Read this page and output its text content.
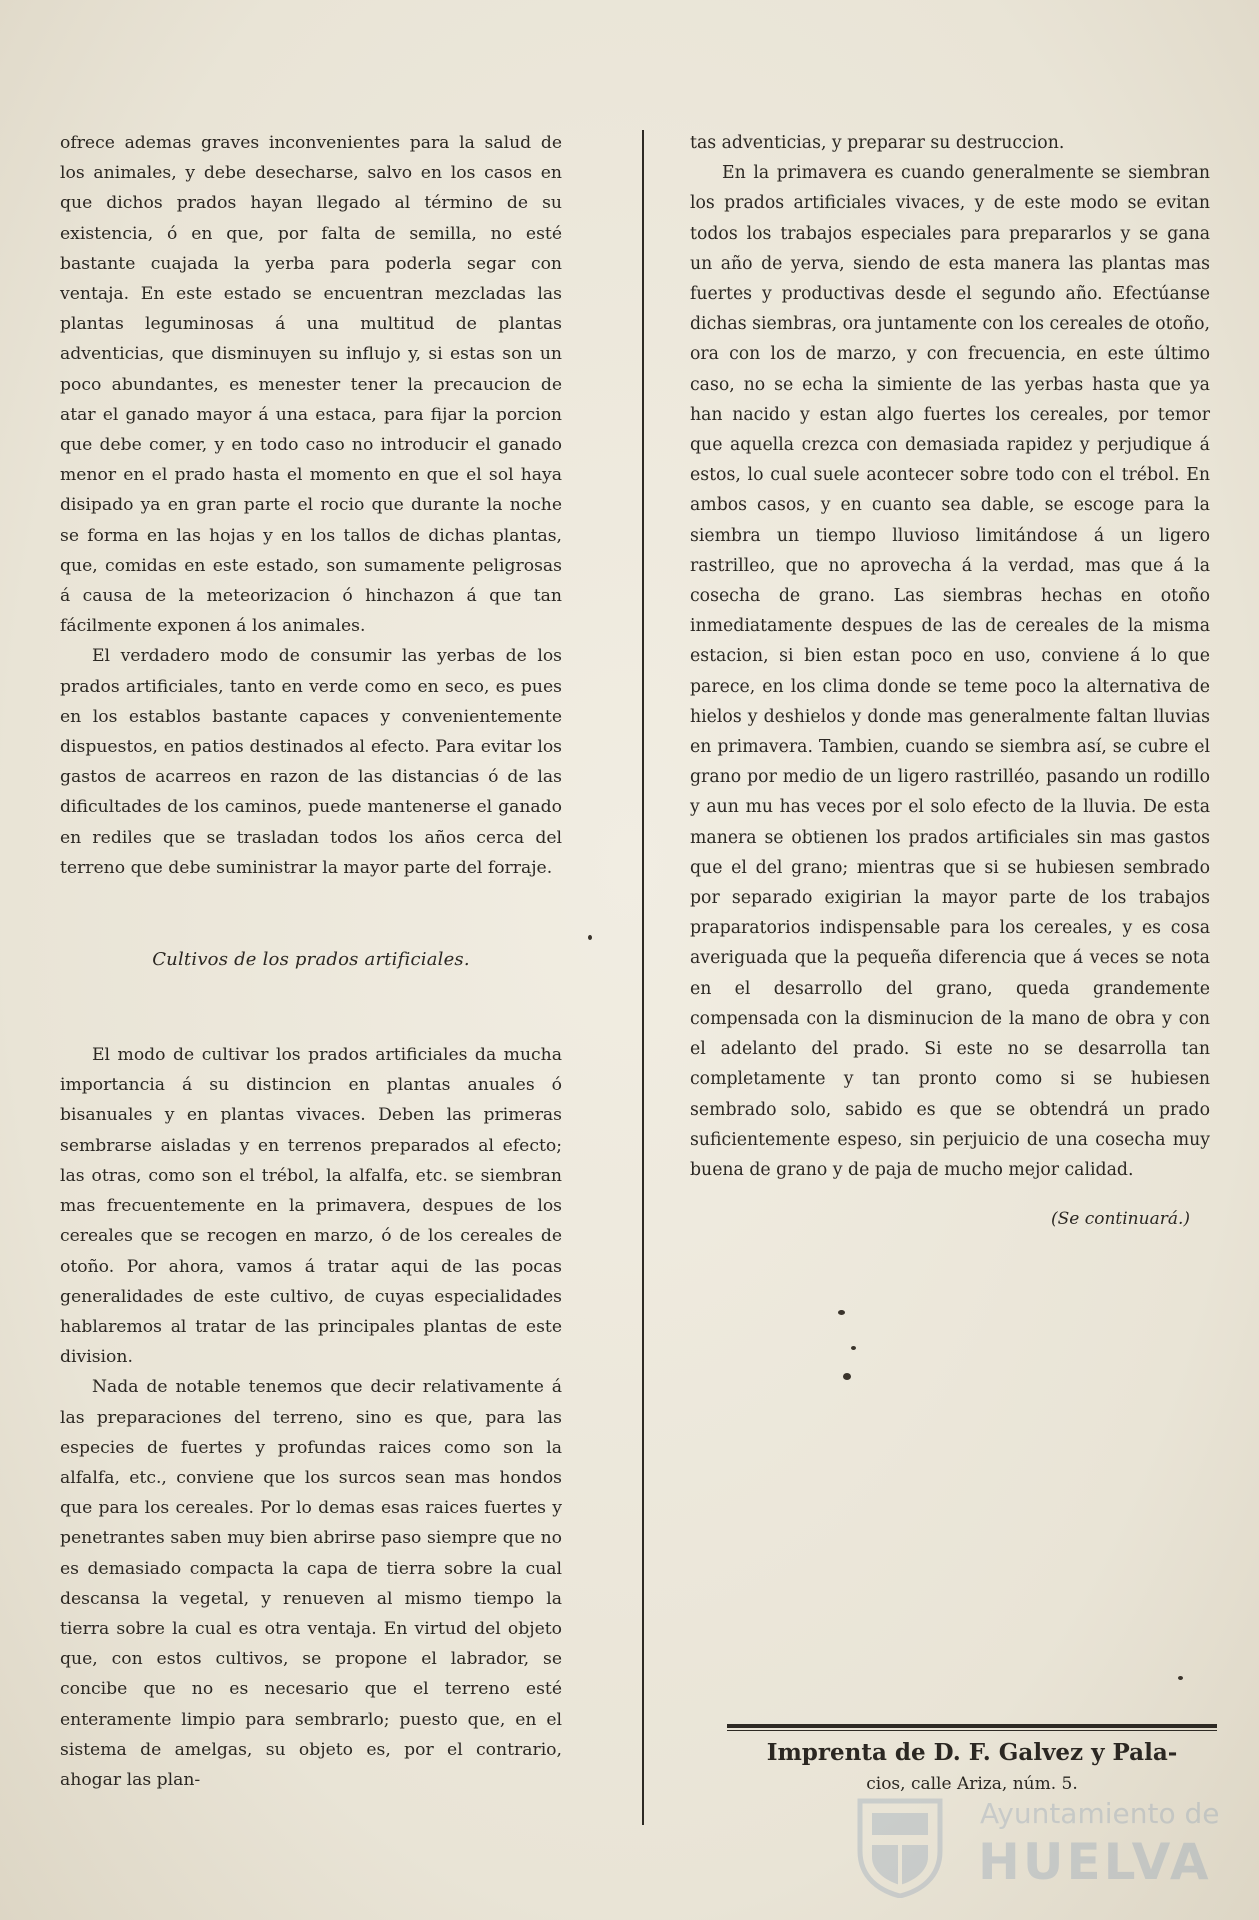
ofrece ademas graves inconvenientes para la salud de los animales, y debe desecharse, salvo en los casos en que dichos prados hayan llegado al término de su existencia, ó en que, por falta de semilla, no esté bastante cuajada la yerba para poderla segar con ventaja. En este estado se encuentran mezcladas las plantas leguminosas á una multitud de plantas adventicias, que disminuyen su influjo y, si estas son un poco abundantes, es menester tener la precaucion de atar el ganado mayor á una estaca, para fijar la porcion que debe comer, y en todo caso no introducir el ganado menor en el prado hasta el momento en que el sol haya disipado ya en gran parte el rocio que durante la noche se forma en las hojas y en los tallos de dichas plantas, que, comidas en este estado, son sumamente peligrosas á causa de la meteorizacion ó hinchazon á que tan fácilmente exponen á los animales.

El verdadero modo de consumir las yerbas de los prados artificiales, tanto en verde como en seco, es pues en los establos bastante capaces y convenientemente dispuestos, en patios destinados al efecto. Para evitar los gastos de acarreos en razon de las distancias ó de las dificultades de los caminos, puede mantenerse el ganado en rediles que se trasladan todos los años cerca del terreno que debe suministrar la mayor parte del forraje.

Cultivos de los prados artificiales.

El modo de cultivar los prados artificiales da mucha importancia á su distincion en plantas anuales ó bisanuales y en plantas vivaces. Deben las primeras sembrarse aisladas y en terrenos preparados al efecto; las otras, como son el trébol, la alfalfa, etc. se siembran mas frecuentemente en la primavera, despues de los cereales que se recogen en marzo, ó de los cereales de otoño. Por ahora, vamos á tratar aqui de las pocas generalidades de este cultivo, de cuyas especialidades hablaremos al tratar de las principales plantas de este division.

Nada de notable tenemos que decir relativamente á las preparaciones del terreno, sino es que, para las especies de fuertes y profundas raices como son la alfalfa, etc., conviene que los surcos sean mas hondos que para los cereales. Por lo demas esas raices fuertes y penetrantes saben muy bien abrirse paso siempre que no es demasiado compacta la capa de tierra sobre la cual descansa la vegetal, y renueven al mismo tiempo la tierra sobre la cual es otra ventaja. En virtud del objeto que, con estos cultivos, se propone el labrador, se concibe que no es necesario que el terreno esté enteramente limpio para sembrarlo; puesto que, en el sistema de amelgas, su objeto es, por el contrario, ahogar las plan-

tas adventicias, y preparar su destruccion.

En la primavera es cuando generalmente se siembran los prados artificiales vivaces, y de este modo se evitan todos los trabajos especiales para prepararlos y se gana un año de yerva, siendo de esta manera las plantas mas fuertes y productivas desde el segundo año. Efectúanse dichas siembras, ora juntamente con los cereales de otoño, ora con los de marzo, y con frecuencia, en este último caso, no se echa la simiente de las yerbas hasta que ya han nacido y estan algo fuertes los cereales, por temor que aquella crezca con demasiada rapidez y perjudique á estos, lo cual suele acontecer sobre todo con el trébol. En ambos casos, y en cuanto sea dable, se escoge para la siembra un tiempo lluvioso limitándose á un ligero rastrilleo, que no aprovecha á la verdad, mas que á la cosecha de grano. Las siembras hechas en otoño inmediatamente despues de las de cereales de la misma estacion, si bien estan poco en uso, conviene á lo que parece, en los clima donde se teme poco la alternativa de hielos y deshielos y donde mas generalmente faltan lluvias en primavera. Tambien, cuando se siembra así, se cubre el grano por medio de un ligero rastrilléo, pasando un rodillo y aun mu has veces por el solo efecto de la lluvia. De esta manera se obtienen los prados artificiales sin mas gastos que el del grano; mientras que si se hubiesen sembrado por separado exigirian la mayor parte de los trabajos praparatorios indispensable para los cereales, y es cosa averiguada que la pequeña diferencia que á veces se nota en el desarrollo del grano, queda grandemente compensada con la disminucion de la mano de obra y con el adelanto del prado. Si este no se desarrolla tan completamente y tan pronto como si se hubiesen sembrado solo, sabido es que se obtendrá un prado suficientemente espeso, sin perjuicio de una cosecha muy buena de grano y de paja de mucho mejor calidad.

(Se continuará.)
Imprenta de D. F. Galvez y Pala-
cios, calle Ariza, núm. 5.
Ayuntamiento de
HUELVA
